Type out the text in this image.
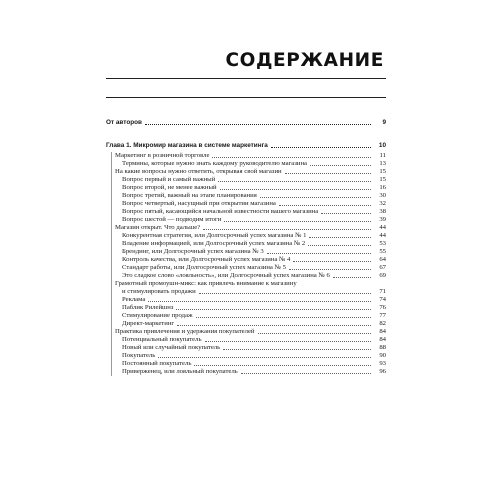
СОДЕРЖАНИЕ
От авторов	9
Глава 1. Микромир магазина в системе маркетинга	10
Маркетинг в розничной торговле	11
Термины, которые нужно знать каждому руководителю магазина	13
На какие вопросы нужно ответить, открывая свой магазин	15
Вопрос первый и самый важный	15
Вопрос второй, не менее важный	16
Вопрос третий, важный на этапе планирования	30
Вопрос четвертый, насущный при открытии магазина	32
Вопрос пятый, касающийся начальной известности вашего магазина	38
Вопрос шестой — подводим итоги	39
Магазин открыт. Что дальше?	44
Конкурентная стратегия, или Долгосрочный успех магазина № 1	44
Владение информацией, или Долгосрочный успех магазина № 2	53
Брендинг, или Долгосрочный успех магазина № 3	55
Контроль качества, или Долгосрочный успех магазина № 4	64
Стандарт работы, или Долгосрочный успех магазина № 5	67
Это сладкое слово «лояльность», или Долгосрочный успех магазина № 6	69
Грамотный промоушн-микс: как привлечь внимание к магазину
и стимулировать продажи	71
Реклама	74
Паблик Рилейшнз	76
Стимулирование продаж	77
Директ-маркетинг	82
Практика привлечения и удержания покупателей	84
Потенциальный покупатель	84
Новый или случайный покупатель	88
Покупатель	90
Постоянный покупатель	93
Приверженец, или лояльный покупатель	96
